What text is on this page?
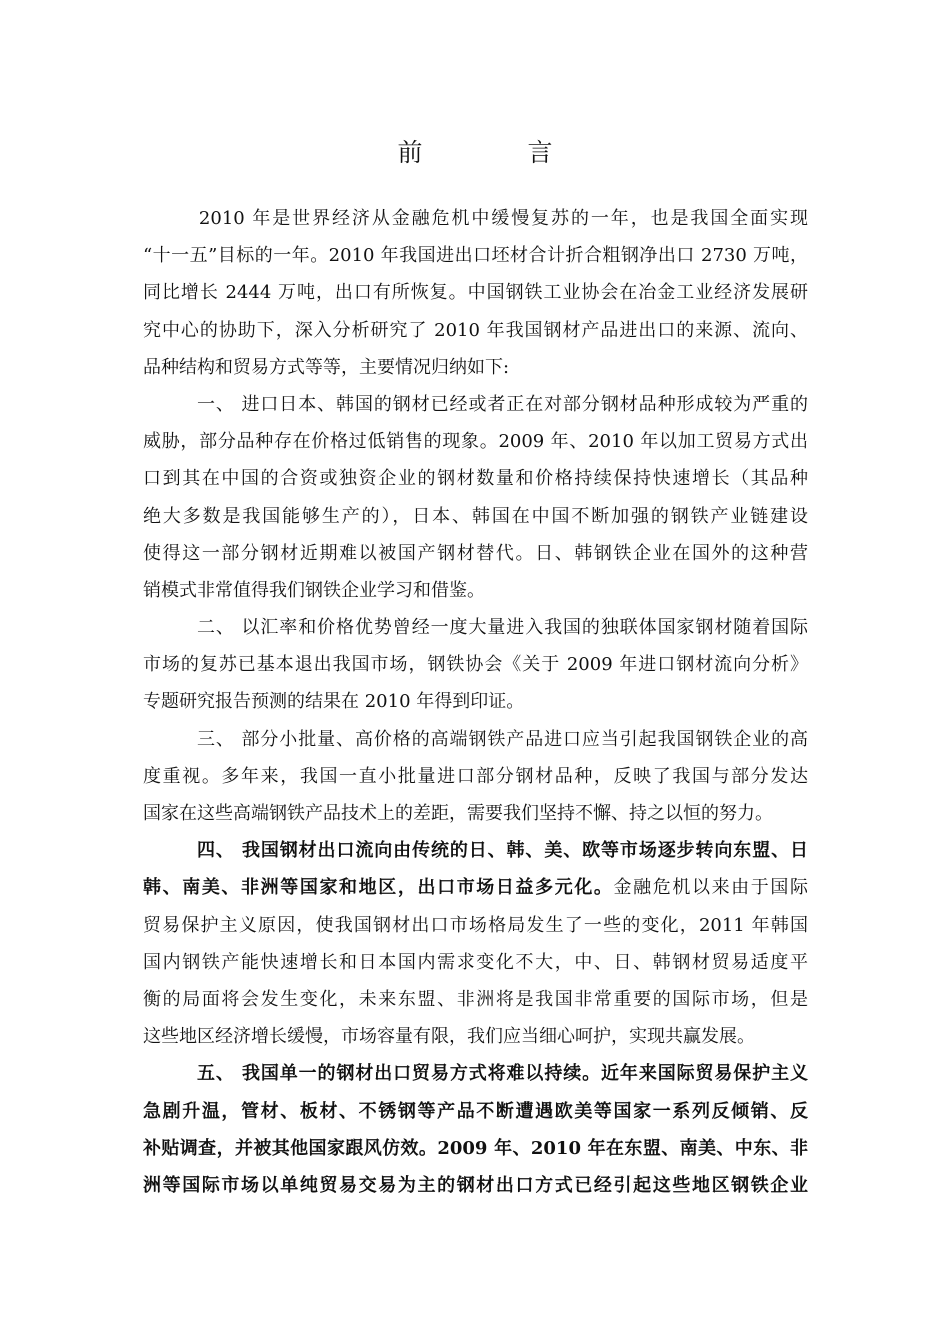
前　言
　2010 年是世界经济从金融危机中缓慢复苏的一年，也是我国全面实现
“十一五”目标的一年。2010 年我国进出口坯材合计折合粗钢净出口 2730 万吨，
同比增长 2444 万吨，出口有所恢复。中国钢铁工业协会在冶金工业经济发展研
究中心的协助下，深入分析研究了 2010 年我国钢材产品进出口的来源、流向、
品种结构和贸易方式等等，主要情况归纳如下:
一、 进口日本、韩国的钢材已经或者正在对部分钢材品种形成较为严重的
威胁，部分品种存在价格过低销售的现象。2009 年、2010 年以加工贸易方式出
口到其在中国的合资或独资企业的钢材数量和价格持续保持快速增长（其品种
绝大多数是我国能够生产的），日本、韩国在中国不断加强的钢铁产业链建设
使得这一部分钢材近期难以被国产钢材替代。日、韩钢铁企业在国外的这种营
销模式非常值得我们钢铁企业学习和借鉴。
二、 以汇率和价格优势曾经一度大量进入我国的独联体国家钢材随着国际
市场的复苏已基本退出我国市场，钢铁协会《关于 2009 年进口钢材流向分析》
专题研究报告预测的结果在 2010 年得到印证。
三、 部分小批量、高价格的高端钢铁产品进口应当引起我国钢铁企业的高
度重视。多年来，我国一直小批量进口部分钢材品种，反映了我国与部分发达
国家在这些高端钢铁产品技术上的差距，需要我们坚持不懈、持之以恒的努力。
四、 我国钢材出口流向由传统的日、韩、美、欧等市场逐步转向东盟、日
韩、南美、非洲等国家和地区，出口市场日益多元化。金融危机以来由于国际
贸易保护主义原因，使我国钢材出口市场格局发生了一些的变化，2011 年韩国
国内钢铁产能快速增长和日本国内需求变化不大，中、日、韩钢材贸易适度平
衡的局面将会发生变化，未来东盟、非洲将是我国非常重要的国际市场，但是
这些地区经济增长缓慢，市场容量有限，我们应当细心呵护，实现共赢发展。
五、 我国单一的钢材出口贸易方式将难以持续。近年来国际贸易保护主义
急剧升温，管材、板材、不锈钢等产品不断遭遇欧美等国家一系列反倾销、反
补贴调查，并被其他国家跟风仿效。2009 年、2010 年在东盟、南美、中东、非
洲等国际市场以单纯贸易交易为主的钢材出口方式已经引起这些地区钢铁企业
